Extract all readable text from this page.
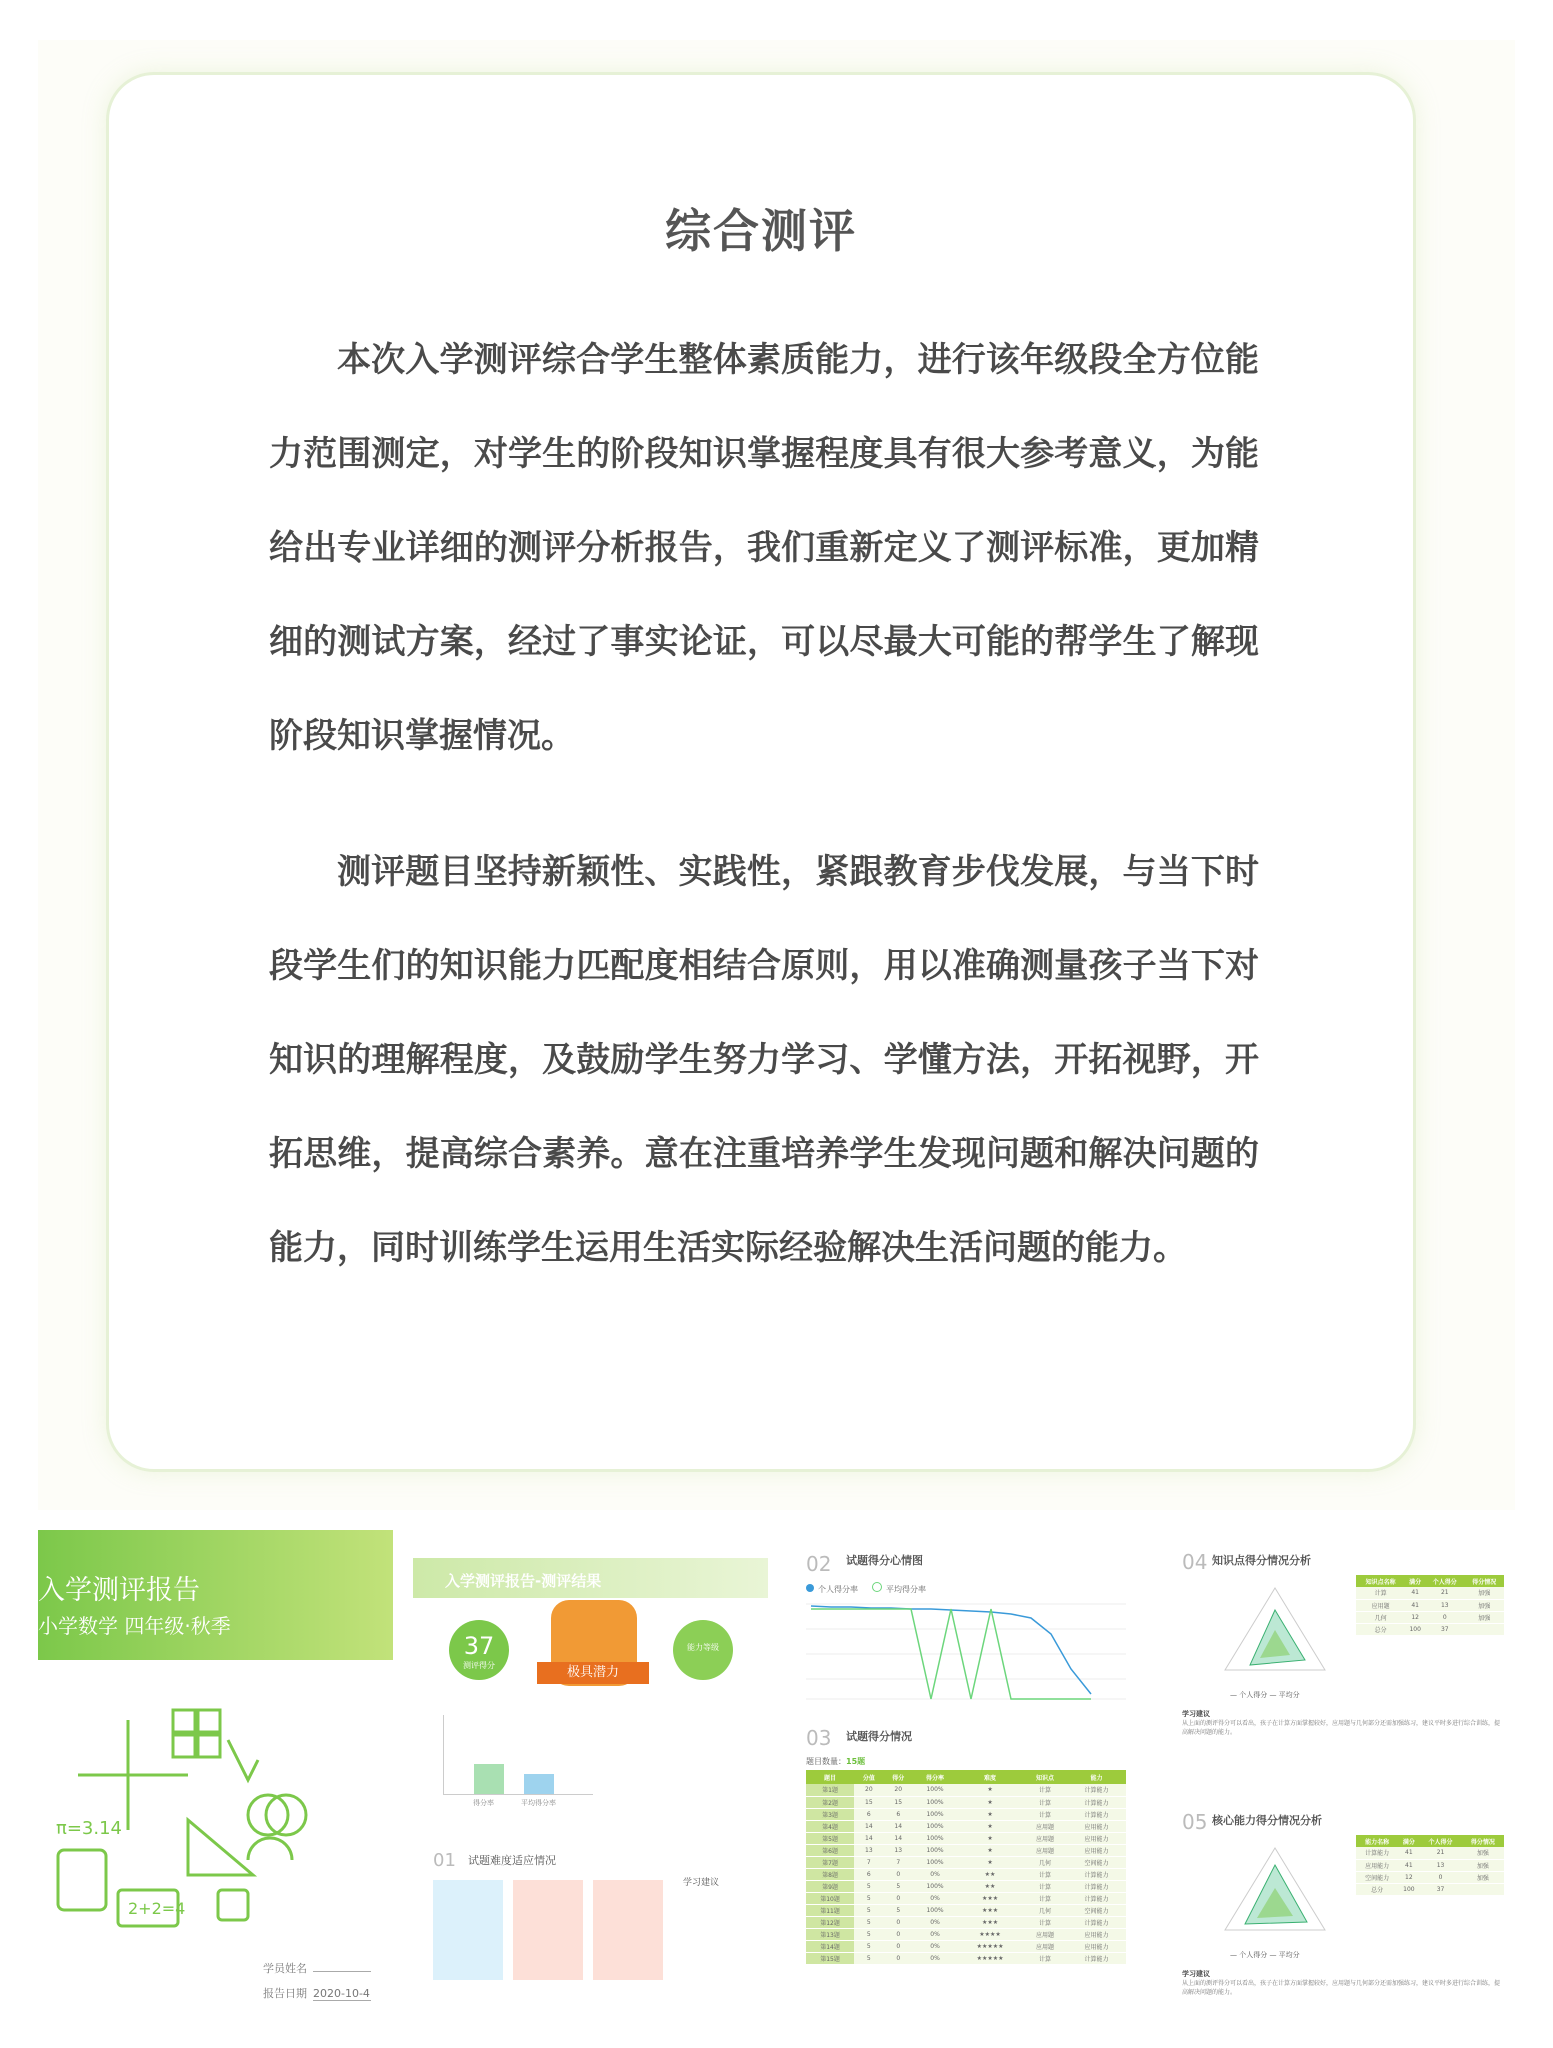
综合测评

本次入学测评综合学生整体素质能力，进行该年级段全方位能力范围测定，对学生的阶段知识掌握程度具有很大参考意义，为能给出专业详细的测评分析报告，我们重新定义了测评标准，更加精细的测试方案，经过了事实论证，可以尽最大可能的帮学生了解现阶段知识掌握情况。

测评题目坚持新颖性、实践性，紧跟教育步伐发展，与当下时段学生们的知识能力匹配度相结合原则，用以准确测量孩子当下对知识的理解程度，及鼓励学生努力学习、学懂方法，开拓视野，开拓思维，提高综合素养。意在注重培养学生发现问题和解决问题的能力，同时训练学生运用生活实际经验解决生活问题的能力。

入学测评报告
小学数学 四年级·秋季
π=3.14
2+2=4
学员姓名
报告日期 2020-10-4
入学测评报告-测评结果
37
测评得分	极具潜力
能力等级
得分率	平均得分率
01 试题难度适应情况
学习建议
02 试题得分心情图
个人得分率	平均得分率
03 试题得分情况
题目数量：15题
题目	分值	得分	得分率	难度	知识点	能力
第1题	20	20	100%	★	计算	计算能力
第2题	15	15	100%	★	计算	计算能力
第3题	6	6	100%	★	计算	计算能力
第4题	14	14	100%	★	应用题	应用能力
第5题	14	14	100%	★	应用题	应用能力
第6题	13	13	100%	★	应用题	应用能力
第7题	7	7	100%	★	几何	空间能力
第8题	6	0	0%	★★	计算	计算能力
第9题	5	5	100%	★★	计算	计算能力
第10题	5	0	0%	★★★	计算	计算能力
第11题	5	5	100%	★★★	几何	空间能力
第12题	5	0	0%	★★★	计算	计算能力
第13题	5	0	0%	★★★★	应用题	应用能力
第14题	5	0	0%	★★★★★	应用题	应用能力
第15题	5	0	0%	★★★★★	计算	计算能力
04 知识点得分情况分析
知识点名称	满分	个人得分	得分情况
计算	41	21	加强
应用题	41	13	加强
几何	12	0	加强
总分	100	37	
— 个人得分 — 平均分
学习建议
从上面的测评得分可以看出，孩子在计算方面掌握较好，应用题与几何部分还需加强练习，建议平时多进行综合训练，提高解决问题的能力。
05 核心能力得分情况分析
能力名称	满分	个人得分	得分情况
计算能力	41	21	加强
应用能力	41	13	加强
空间能力	12	0	加强
总分	100	37	
— 个人得分 — 平均分
学习建议
从上面的测评得分可以看出，孩子在计算方面掌握较好，应用题与几何部分还需加强练习，建议平时多进行综合训练，提高解决问题的能力。
